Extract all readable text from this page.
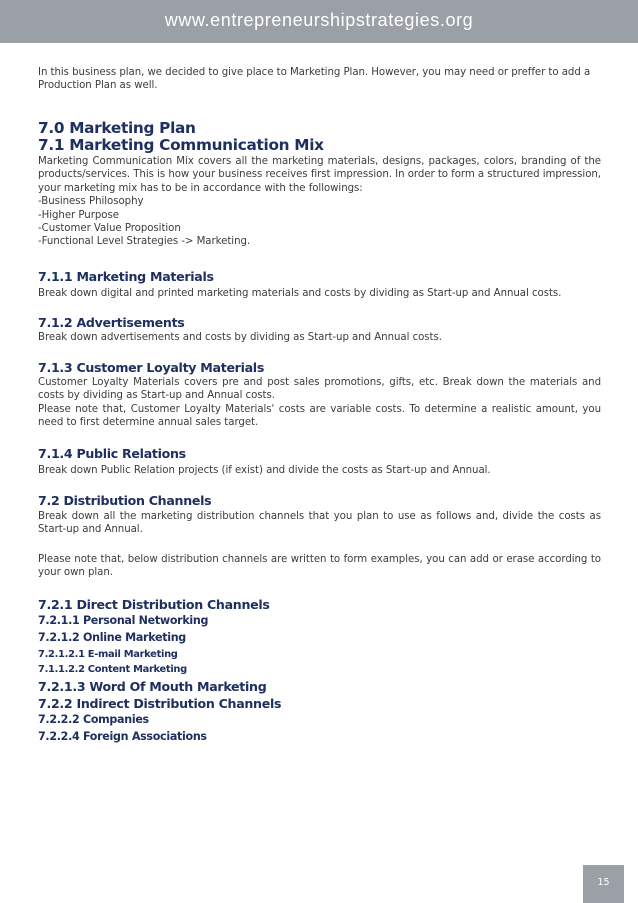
www.entrepreneurshipstrategies.org

In this business plan, we decided to give place to Marketing Plan. However, you may need or preffer to add a Production Plan as well.

7.0 Marketing Plan
7.1 Marketing Communication Mix

Marketing Communication Mix covers all the marketing materials, designs, packages, colors, branding of the products/services. This is how your business receives first impression. In order to form a structured impression, your marketing mix has to be in accordance with the followings:

-Business Philosophy

-Higher Purpose

-Customer Value Proposition

-Functional Level Strategies -> Marketing.

7.1.1 Marketing Materials

Break down digital and printed marketing materials and costs by dividing as Start-up and Annual costs.

7.1.2 Advertisements

Break down advertisements and costs by dividing as Start-up and Annual costs.

7.1.3 Customer Loyalty Materials

Customer Loyalty Materials covers pre and post sales promotions, gifts, etc. Break down the materials and costs by dividing as Start-up and Annual costs.

Please note that, Customer Loyalty Materials' costs are variable costs. To determine a realistic amount, you need to first determine annual sales target.

7.1.4 Public Relations

Break down Public Relation projects (if exist) and divide the costs as Start-up and Annual.

7.2 Distribution Channels

Break down all the marketing distribution channels that you plan to use as follows and, divide the costs as Start-up and Annual.

Please note that, below distribution channels are written to form examples, you can add or erase according to your own plan.

7.2.1 Direct Distribution Channels
7.2.1.1 Personal Networking
7.2.1.2 Online Marketing
7.2.1.2.1 E-mail Marketing
7.1.1.2.2 Content Marketing
7.2.1.3 Word Of Mouth Marketing
7.2.2 Indirect Distribution Channels
7.2.2.2 Companies
7.2.2.4 Foreign Associations
15
